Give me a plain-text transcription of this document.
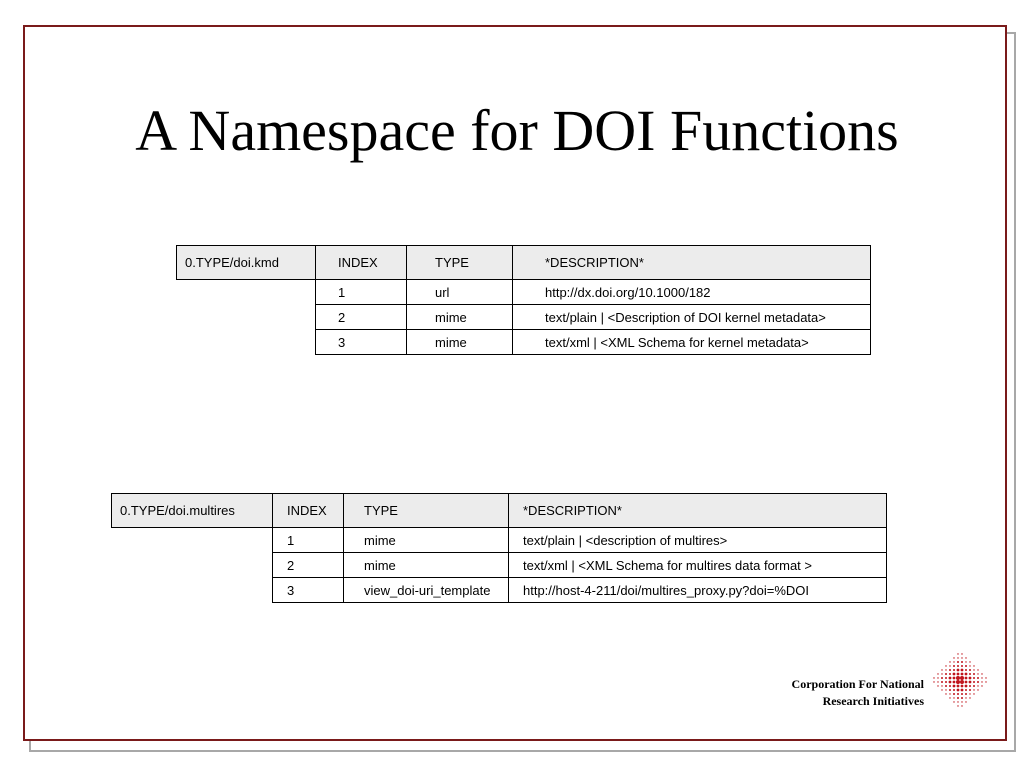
A Namespace for DOI Functions
0.TYPE/doi.kmd	INDEX	TYPE	*DESCRIPTION*
	1	url	http://dx.doi.org/10.1000/182
	2	mime	text/plain | <Description of DOI kernel metadata>
	3	mime	text/xml | <XML Schema for kernel metadata>
0.TYPE/doi.multires	INDEX	TYPE	*DESCRIPTION*
	1	mime	text/plain | <description of multires>
	2	mime	text/xml | <XML Schema for multires data format >
	3	view_doi-uri_template	http://host-4-211/doi/multires_proxy.py?doi=%DOI
Corporation For National
Research Initiatives
